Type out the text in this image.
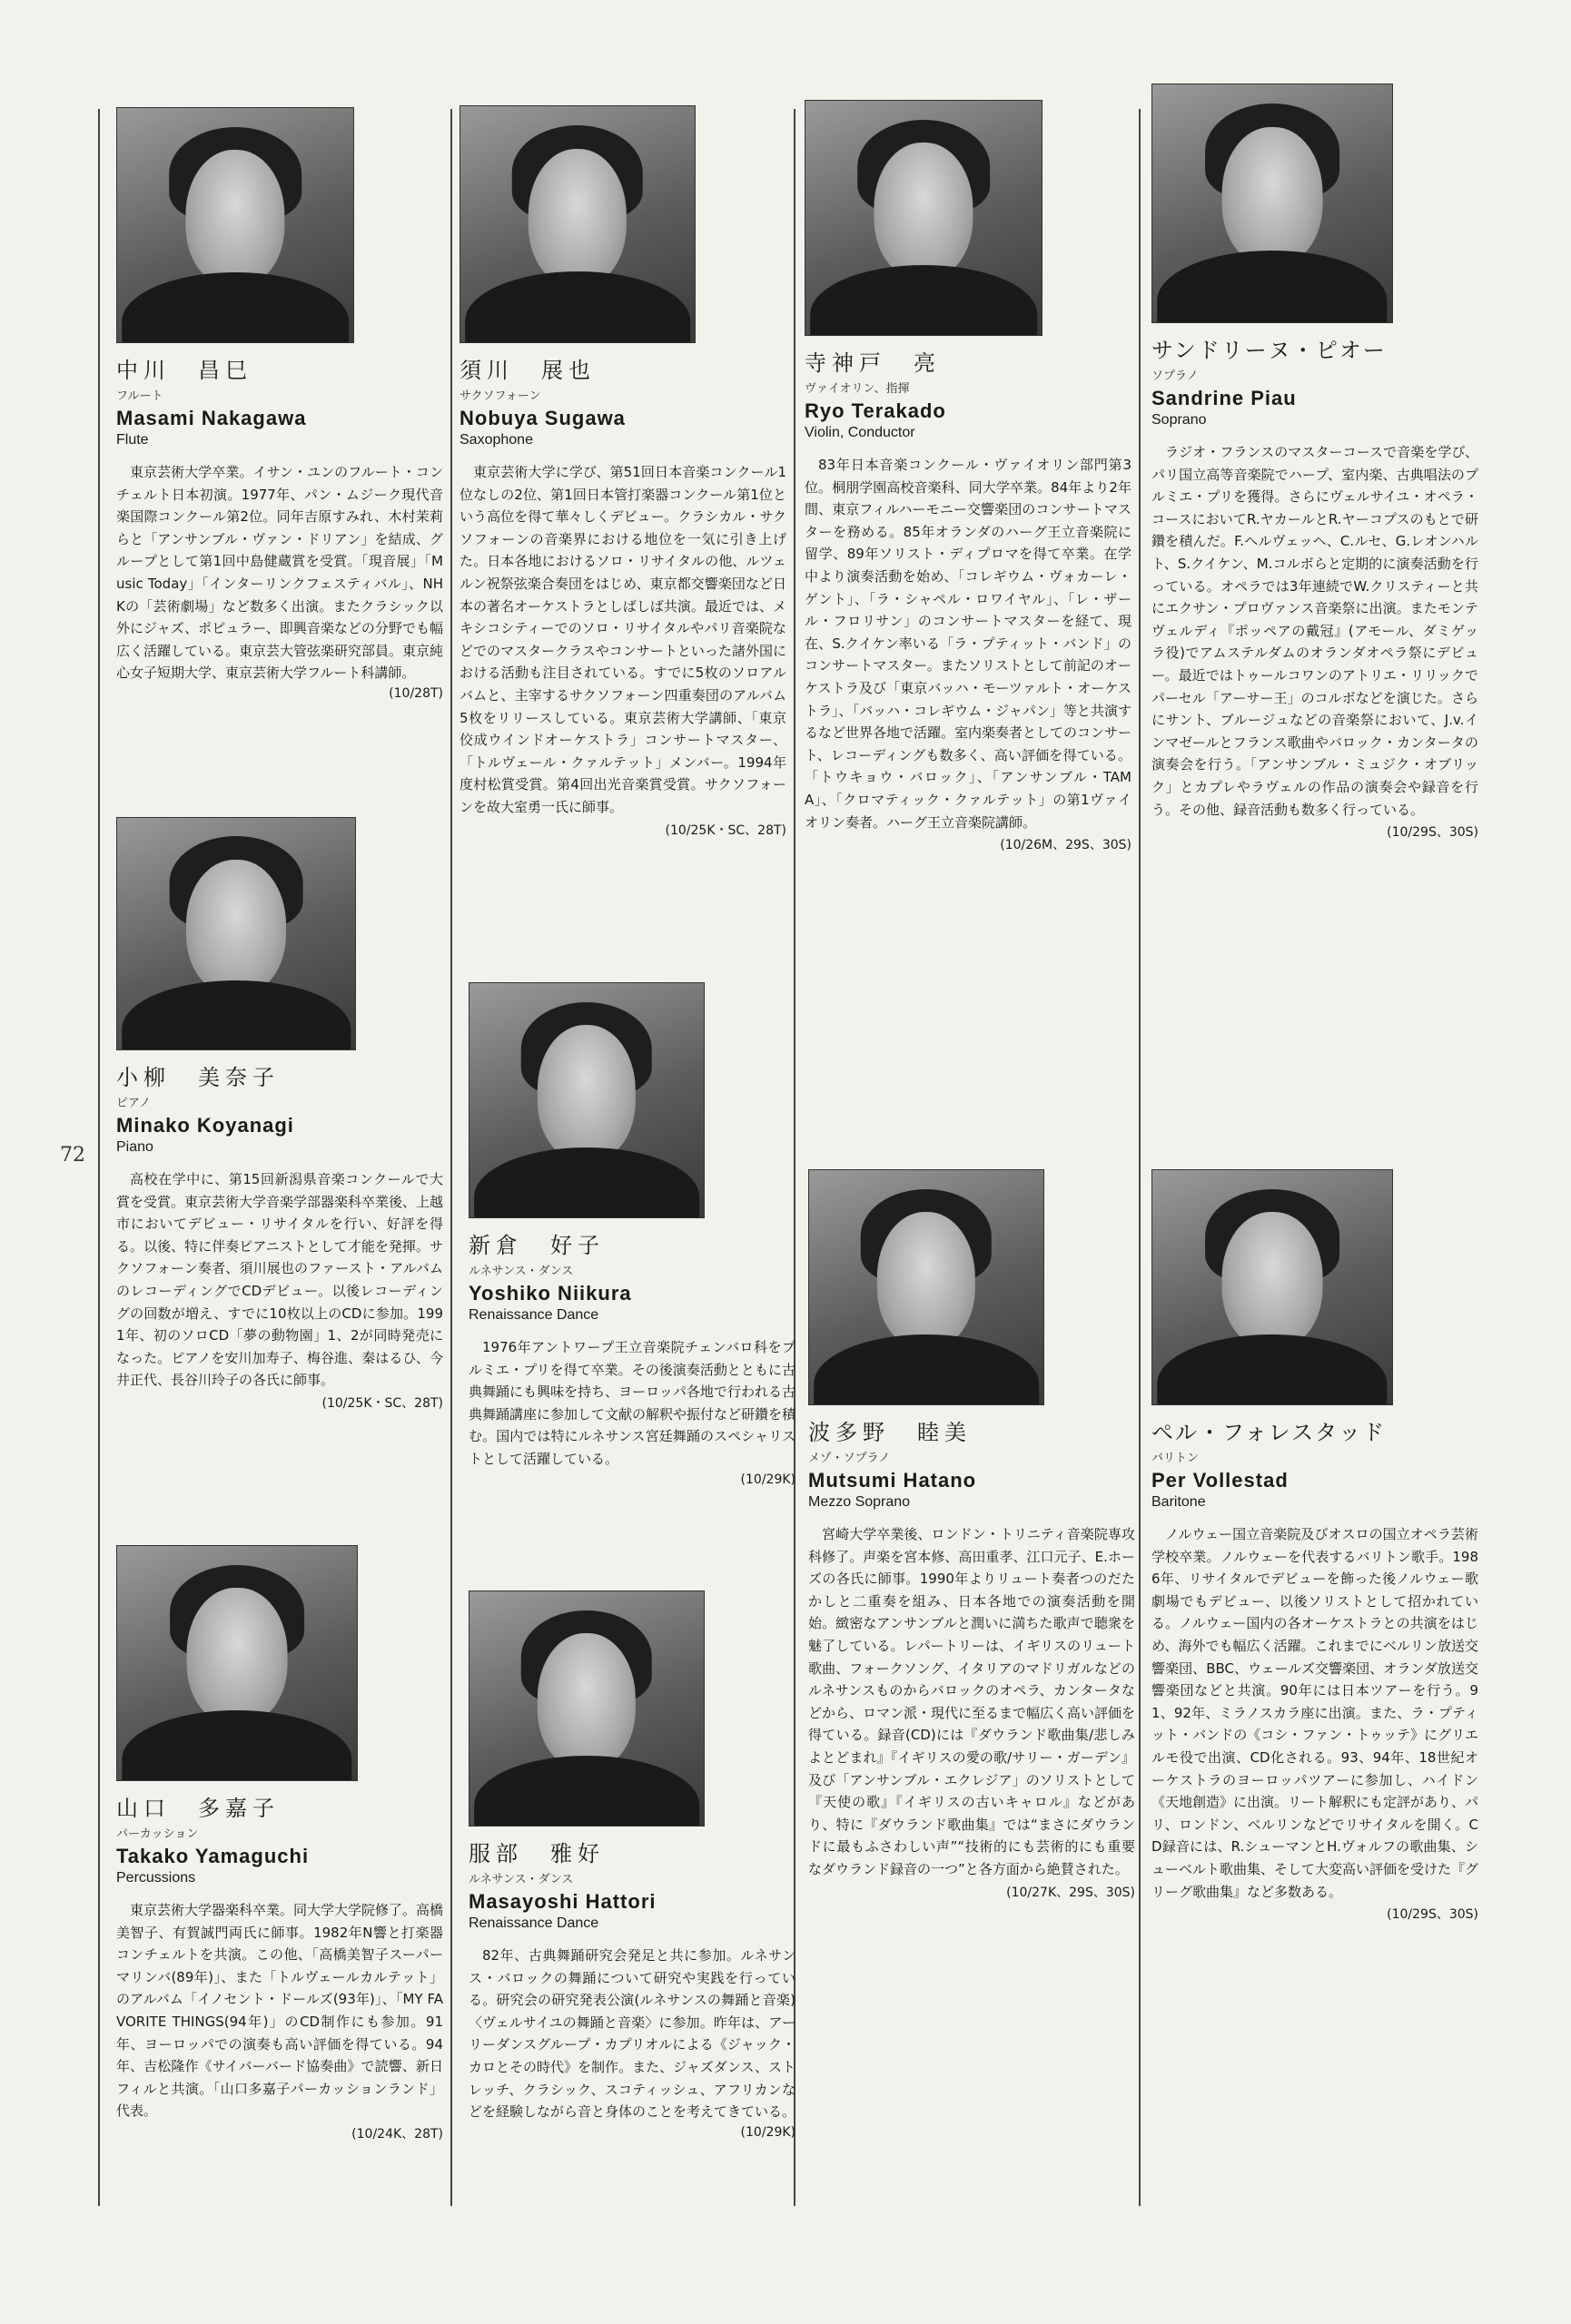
72
中川　昌巳
フルート
Masami Nakagawa
Flute
東京芸術大学卒業。イサン・ユンのフルート・コンチェルト日本初演。1977年、パン・ムジーク現代音楽国際コンクール第2位。同年吉原すみれ、木村茉莉らと「アンサンブル・ヴァン・ドリアン」を結成、グループとして第1回中島健蔵賞を受賞。「現音展」「Music Today」「インターリンクフェスティバル」、NHKの「芸術劇場」など数多く出演。またクラシック以外にジャズ、ポピュラー、即興音楽などの分野でも幅広く活躍している。東京芸大管弦楽研究部員。東京純心女子短期大学、東京芸術大学フルート科講師。
(10/28T)
小柳　美奈子
ピアノ
Minako Koyanagi
Piano
高校在学中に、第15回新潟県音楽コンクールで大賞を受賞。東京芸術大学音楽学部器楽科卒業後、上越市においてデビュー・リサイタルを行い、好評を得る。以後、特に伴奏ピアニストとして才能を発揮。サクソフォーン奏者、須川展也のファースト・アルバムのレコーディングでCDデビュー。以後レコーディングの回数が増え、すでに10枚以上のCDに参加。1991年、初のソロCD「夢の動物園」1、2が同時発売になった。ピアノを安川加寿子、梅谷進、秦はるひ、今井正代、長谷川玲子の各氏に師事。
(10/25K・SC、28T)
山口　多嘉子
パーカッション
Takako Yamaguchi
Percussions
東京芸術大学器楽科卒業。同大学大学院修了。高橋美智子、有賀誠門両氏に師事。1982年N響と打楽器コンチェルトを共演。この他、「高橋美智子スーパーマリンバ(89年)」、また「トルヴェールカルテット」のアルバム「イノセント・ドールズ(93年)」、「MY FAVORITE THINGS(94年)」のCD制作にも参加。91年、ヨーロッパでの演奏も高い評価を得ている。94年、吉松隆作《サイバーバード協奏曲》で読響、新日フィルと共演。「山口多嘉子パーカッションランド」代表。
(10/24K、28T)
須川　展也
サクソフォーン
Nobuya Sugawa
Saxophone
東京芸術大学に学び、第51回日本音楽コンクール1位なしの2位、第1回日本管打楽器コンクール第1位という高位を得て華々しくデビュー。クラシカル・サクソフォーンの音楽界における地位を一気に引き上げた。日本各地におけるソロ・リサイタルの他、ルツェルン祝祭弦楽合奏団をはじめ、東京都交響楽団など日本の著名オーケストラとしばしば共演。最近では、メキシコシティーでのソロ・リサイタルやパリ音楽院などでのマスタークラスやコンサートといった諸外国における活動も注目されている。すでに5枚のソロアルバムと、主宰するサクソフォーン四重奏団のアルバム5枚をリリースしている。東京芸術大学講師、「東京佼成ウインドオーケストラ」コンサートマスター、「トルヴェール・クァルテット」メンバー。1994年度村松賞受賞。第4回出光音楽賞受賞。サクソフォーンを故大室勇一氏に師事。
(10/25K・SC、28T)
新倉　好子
ルネサンス・ダンス
Yoshiko Niikura
Renaissance Dance
1976年アントワープ王立音楽院チェンバロ科をプルミエ・プリを得て卒業。その後演奏活動とともに古典舞踊にも興味を持ち、ヨーロッパ各地で行われる古典舞踊講座に参加して文献の解釈や振付など研鑽を積む。国内では特にルネサンス宮廷舞踊のスペシャリストとして活躍している。
(10/29K)
服部　雅好
ルネサンス・ダンス
Masayoshi Hattori
Renaissance Dance
82年、古典舞踊研究会発足と共に参加。ルネサンス・バロックの舞踊について研究や実践を行っている。研究会の研究発表公演(ルネサンスの舞踊と音楽)〈ヴェルサイユの舞踊と音楽〉に参加。昨年は、アーリーダンスグループ・カプリオルによる《ジャック・カロとその時代》を制作。また、ジャズダンス、ストレッチ、クラシック、スコティッシュ、アフリカンなどを経験しながら音と身体のことを考えてきている。
(10/29K)
寺神戸　亮
ヴァイオリン、指揮
Ryo Terakado
Violin, Conductor
83年日本音楽コンクール・ヴァイオリン部門第3位。桐朋学園高校音楽科、同大学卒業。84年より2年間、東京フィルハーモニー交響楽団のコンサートマスターを務める。85年オランダのハーグ王立音楽院に留学、89年ソリスト・ディプロマを得て卒業。在学中より演奏活動を始め、「コレギウム・ヴォカーレ・ゲント」、「ラ・シャペル・ロワイヤル」、「レ・ザール・フロリサン」のコンサートマスターを経て、現在、S.クイケン率いる「ラ・プティット・バンド」のコンサートマスター。またソリストとして前記のオーケストラ及び「東京バッハ・モーツァルト・オーケストラ」、「バッハ・コレギウム・ジャパン」等と共演するなど世界各地で活躍。室内楽奏者としてのコンサート、レコーディングも数多く、高い評価を得ている。「トウキョウ・バロック」、「アンサンブル・TAMA」、「クロマティック・クァルテット」の第1ヴァイオリン奏者。ハーグ王立音楽院講師。
(10/26M、29S、30S)
波多野　睦美
メゾ・ソプラノ
Mutsumi Hatano
Mezzo Soprano
宮崎大学卒業後、ロンドン・トリニティ音楽院専攻科修了。声楽を宮本修、高田重孝、江口元子、E.ホーズの各氏に師事。1990年よりリュート奏者つのだたかしと二重奏を組み、日本各地での演奏活動を開始。緻密なアンサンブルと潤いに満ちた歌声で聴衆を魅了している。レパートリーは、イギリスのリュート歌曲、フォークソング、イタリアのマドリガルなどのルネサンスものからバロックのオペラ、カンタータなどから、ロマン派・現代に至るまで幅広く高い評価を得ている。録音(CD)には『ダウランド歌曲集/悲しみよとどまれ』『イギリスの愛の歌/サリー・ガーデン』及び「アンサンブル・エクレジア」のソリストとして『天使の歌』『イギリスの古いキャロル』などがあり、特に『ダウランド歌曲集』では“まさにダウランドに最もふさわしい声”“技術的にも芸術的にも重要なダウランド録音の一つ”と各方面から絶賛された。
(10/27K、29S、30S)
サンドリーヌ・ピオー
ソプラノ
Sandrine Piau
Soprano
ラジオ・フランスのマスターコースで音楽を学び、パリ国立高等音楽院でハープ、室内楽、古典唱法のプルミエ・プリを獲得。さらにヴェルサイユ・オペラ・コースにおいてR.ヤカールとR.ヤーコプスのもとで研鑽を積んだ。F.ヘルヴェッヘ、C.ルセ、G.レオンハルト、S.クイケン、M.コルボらと定期的に演奏活動を行っている。オペラでは3年連続でW.クリスティーと共にエクサン・プロヴァンス音楽祭に出演。またモンテヴェルディ『ポッペアの戴冠』(アモール、ダミゲッラ役)でアムステルダムのオランダオペラ祭にデビュー。最近ではトゥールコワンのアトリエ・リリックでパーセル「アーサー王」のコルボなどを演じた。さらにサント、ブルージュなどの音楽祭において、J.v.インマゼールとフランス歌曲やバロック・カンタータの演奏会を行う。「アンサンブル・ミュジク・オブリック」とカプレやラヴェルの作品の演奏会や録音を行う。その他、録音活動も数多く行っている。
(10/29S、30S)
ペル・フォレスタッド
バリトン
Per Vollestad
Baritone
ノルウェー国立音楽院及びオスロの国立オペラ芸術学校卒業。ノルウェーを代表するバリトン歌手。1986年、リサイタルでデビューを飾った後ノルウェー歌劇場でもデビュー、以後ソリストとして招かれている。ノルウェー国内の各オーケストラとの共演をはじめ、海外でも幅広く活躍。これまでにベルリン放送交響楽団、BBC、ウェールズ交響楽団、オランダ放送交響楽団などと共演。90年には日本ツアーを行う。91、92年、ミラノスカラ座に出演。また、ラ・プティット・バンドの《コシ・ファン・トゥッテ》にグリエルモ役で出演、CD化される。93、94年、18世紀オーケストラのヨーロッパツアーに参加し、ハイドン《天地創造》に出演。リート解釈にも定評があり、パリ、ロンドン、ベルリンなどでリサイタルを開く。CD録音には、R.シューマンとH.ヴォルフの歌曲集、シューベルト歌曲集、そして大変高い評価を受けた『グリーグ歌曲集』など多数ある。
(10/29S、30S)
